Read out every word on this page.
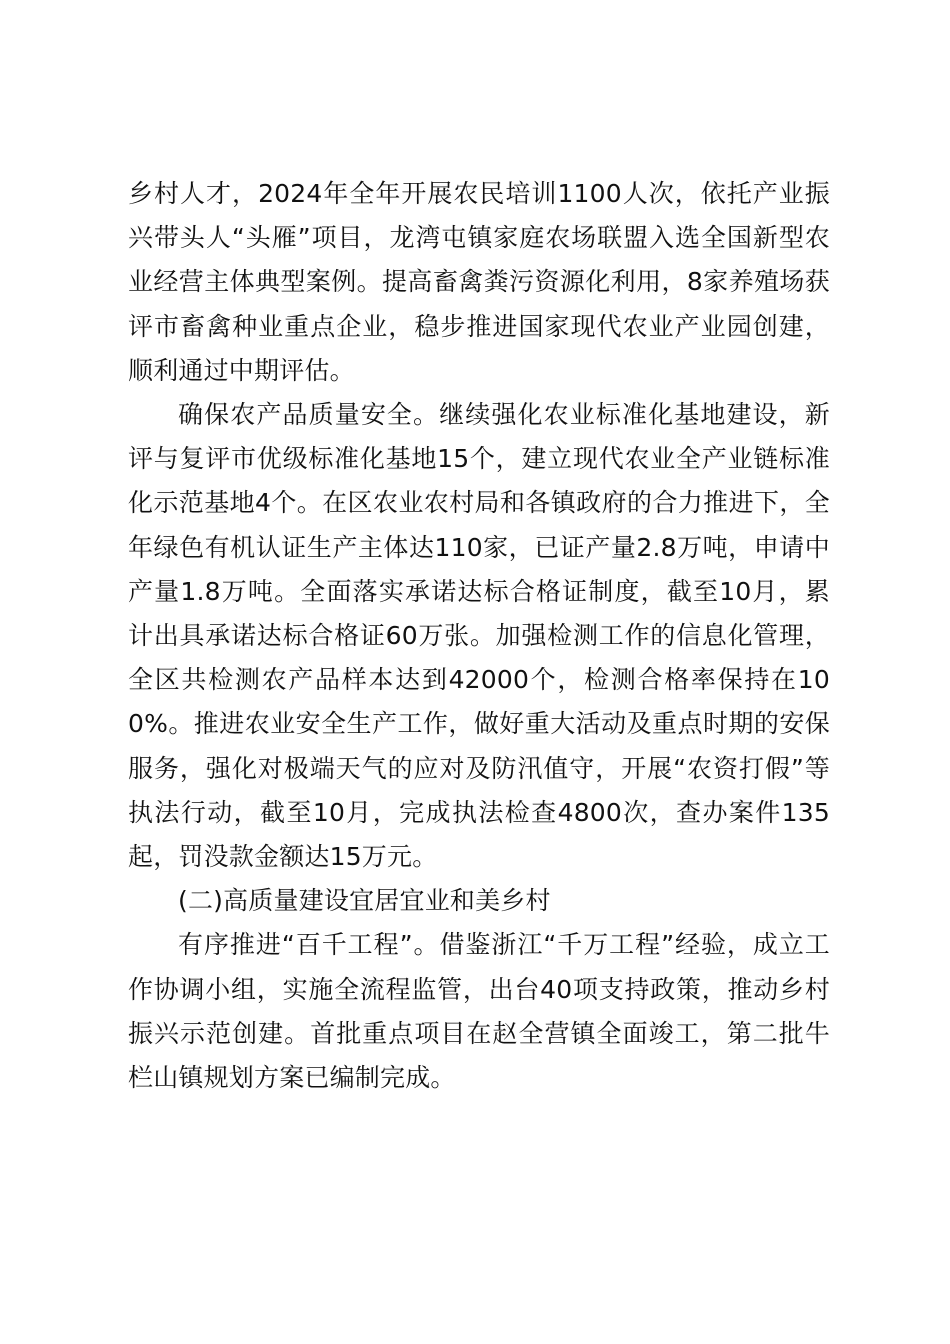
乡村人才，2024年全年开展农民培训1100人次，依托产业振兴带头人“头雁”项目，龙湾屯镇家庭农场联盟入选全国新型农业经营主体典型案例。提高畜禽粪污资源化利用，8家养殖场获评市畜禽种业重点企业，稳步推进国家现代农业产业园创建，顺利通过中期评估。

确保农产品质量安全。继续强化农业标准化基地建设，新评与复评市优级标准化基地15个，建立现代农业全产业链标准化示范基地4个。在区农业农村局和各镇政府的合力推进下，全年绿色有机认证生产主体达110家，已证产量2.8万吨，申请中产量1.8万吨。全面落实承诺达标合格证制度，截至10月，累计出具承诺达标合格证60万张。加强检测工作的信息化管理，全区共检测农产品样本达到42000个，检测合格率保持在100%。推进农业安全生产工作，做好重大活动及重点时期的安保服务，强化对极端天气的应对及防汛值守，开展“农资打假”等执法行动，截至10月，完成执法检查4800次，查办案件135起，罚没款金额达15万元。

(二)高质量建设宜居宜业和美乡村

有序推进“百千工程”。借鉴浙江“千万工程”经验，成立工作协调小组，实施全流程监管，出台40项支持政策，推动乡村振兴示范创建。首批重点项目在赵全营镇全面竣工，第二批牛栏山镇规划方案已编制完成。
